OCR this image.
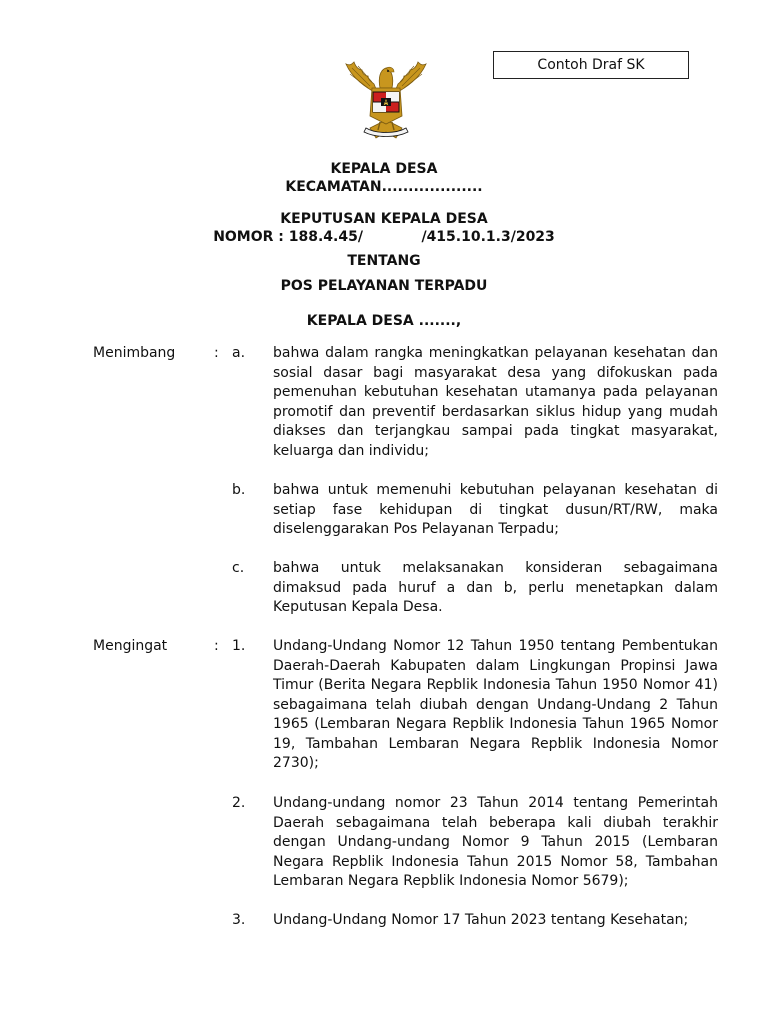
Contoh Draf SK
KEPALA DESA
KECAMATAN...................
KEPUTUSAN KEPALA DESA
NOMOR : 188.4.45/            /415.10.1.3/2023
TENTANG
POS PELAYANAN TERPADU
KEPALA DESA .......,
Menimbang	: a. bahwa dalam rangka meningkatkan pelayanan kesehatan dan sosial dasar bagi masyarakat desa yang difokuskan pada pemenuhan kebutuhan kesehatan utamanya pada pelayanan promotif dan preventif berdasarkan siklus hidup yang mudah diakses dan terjangkau sampai pada tingkat masyarakat, keluarga dan individu;
b. bahwa untuk memenuhi kebutuhan pelayanan kesehatan di setiap fase kehidupan di tingkat dusun/RT/RW, maka diselenggarakan Pos Pelayanan Terpadu;
c. bahwa untuk melaksanakan konsideran sebagaimana dimaksud pada huruf a dan b, perlu menetapkan dalam Keputusan Kepala Desa.
Mengingat	: 1. Undang-Undang Nomor 12 Tahun 1950 tentang Pembentukan Daerah-Daerah Kabupaten dalam Lingkungan Propinsi Jawa Timur (Berita Negara Repblik Indonesia Tahun 1950 Nomor 41) sebagaimana telah diubah dengan Undang-Undang 2 Tahun 1965 (Lembaran Negara Repblik Indonesia Tahun 1965 Nomor 19, Tambahan Lembaran Negara Repblik Indonesia Nomor 2730);
2. Undang-undang nomor 23 Tahun 2014 tentang Pemerintah Daerah sebagaimana telah beberapa kali diubah terakhir dengan Undang-undang Nomor 9 Tahun 2015 (Lembaran Negara Repblik Indonesia Tahun 2015 Nomor 58, Tambahan Lembaran Negara Repblik Indonesia Nomor 5679);
3. Undang-Undang Nomor 17 Tahun 2023 tentang Kesehatan;
